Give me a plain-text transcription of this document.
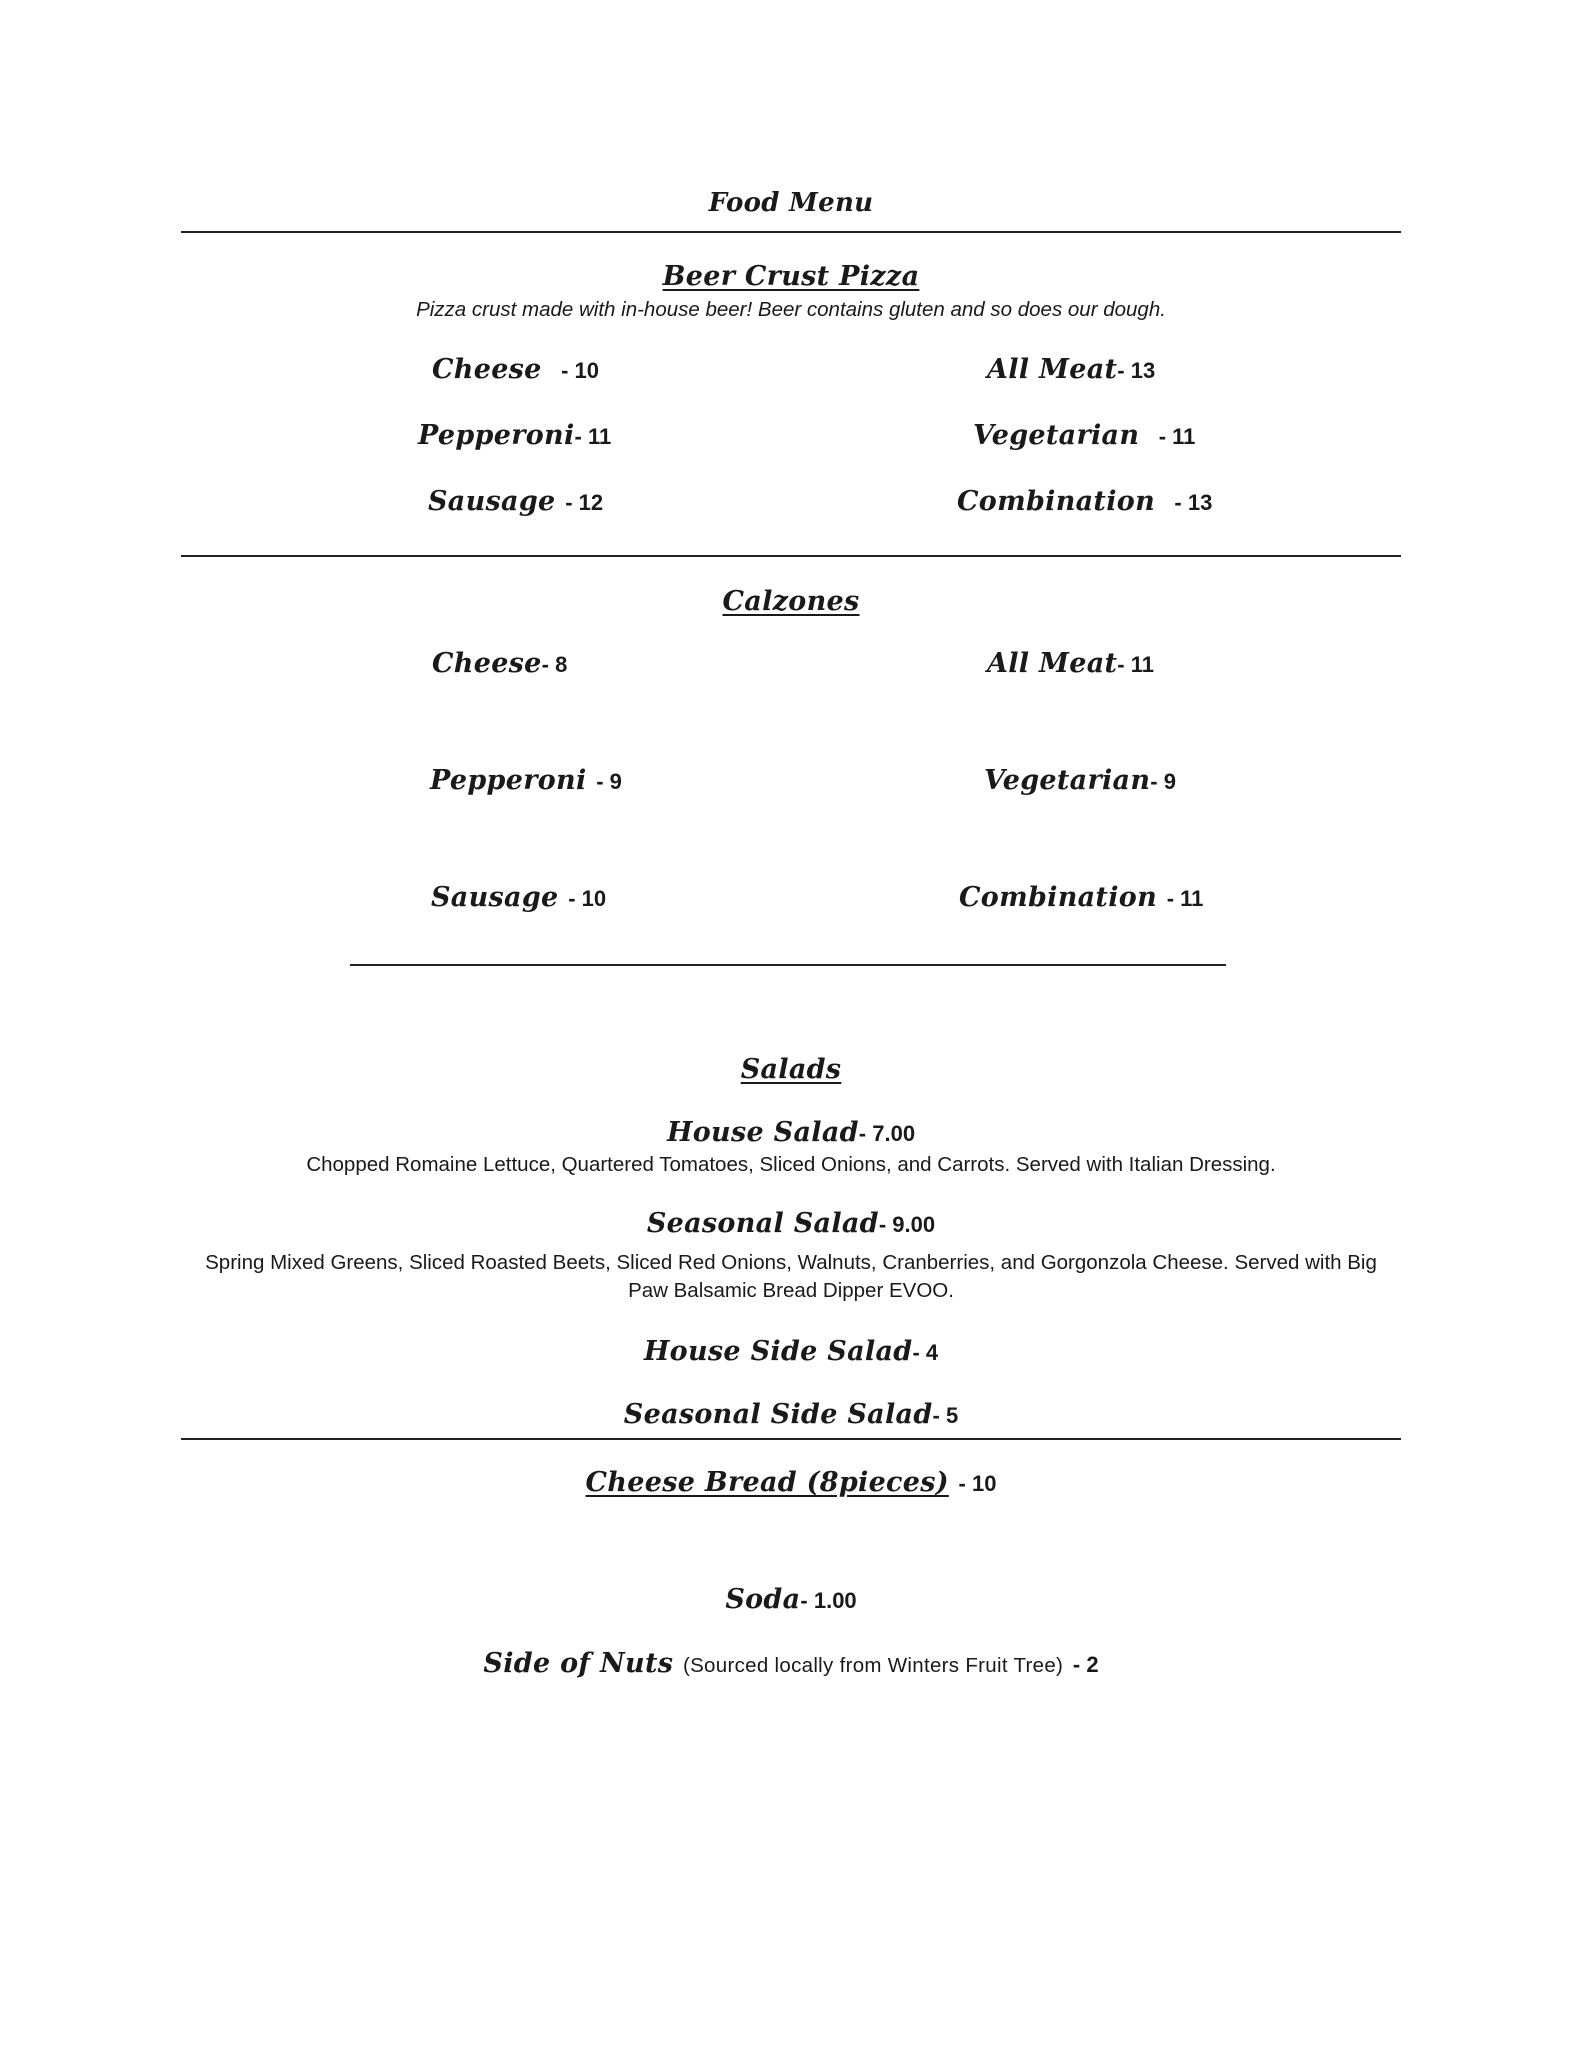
Food Menu
Beer Crust Pizza
Pizza crust made with in-house beer! Beer contains gluten and so does our dough.
Cheese - 10	All Meat- 13
Pepperoni- 11	Vegetarian - 11
Sausage - 12	Combination - 13
Calzones
Cheese- 8	All Meat- 11
Pepperoni - 9	Vegetarian- 9
Sausage - 10	Combination - 11
Salads
House Salad- 7.00
Chopped Romaine Lettuce, Quartered Tomatoes, Sliced Onions, and Carrots. Served with Italian Dressing.
Seasonal Salad- 9.00
Spring Mixed Greens, Sliced Roasted Beets, Sliced Red Onions, Walnuts, Cranberries, and Gorgonzola Cheese. Served with Big
Paw Balsamic Bread Dipper EVOO.
House Side Salad- 4
Seasonal Side Salad- 5
Cheese Bread (8pieces) - 10
Soda- 1.00
Side of Nuts (Sourced locally from Winters Fruit Tree) - 2
